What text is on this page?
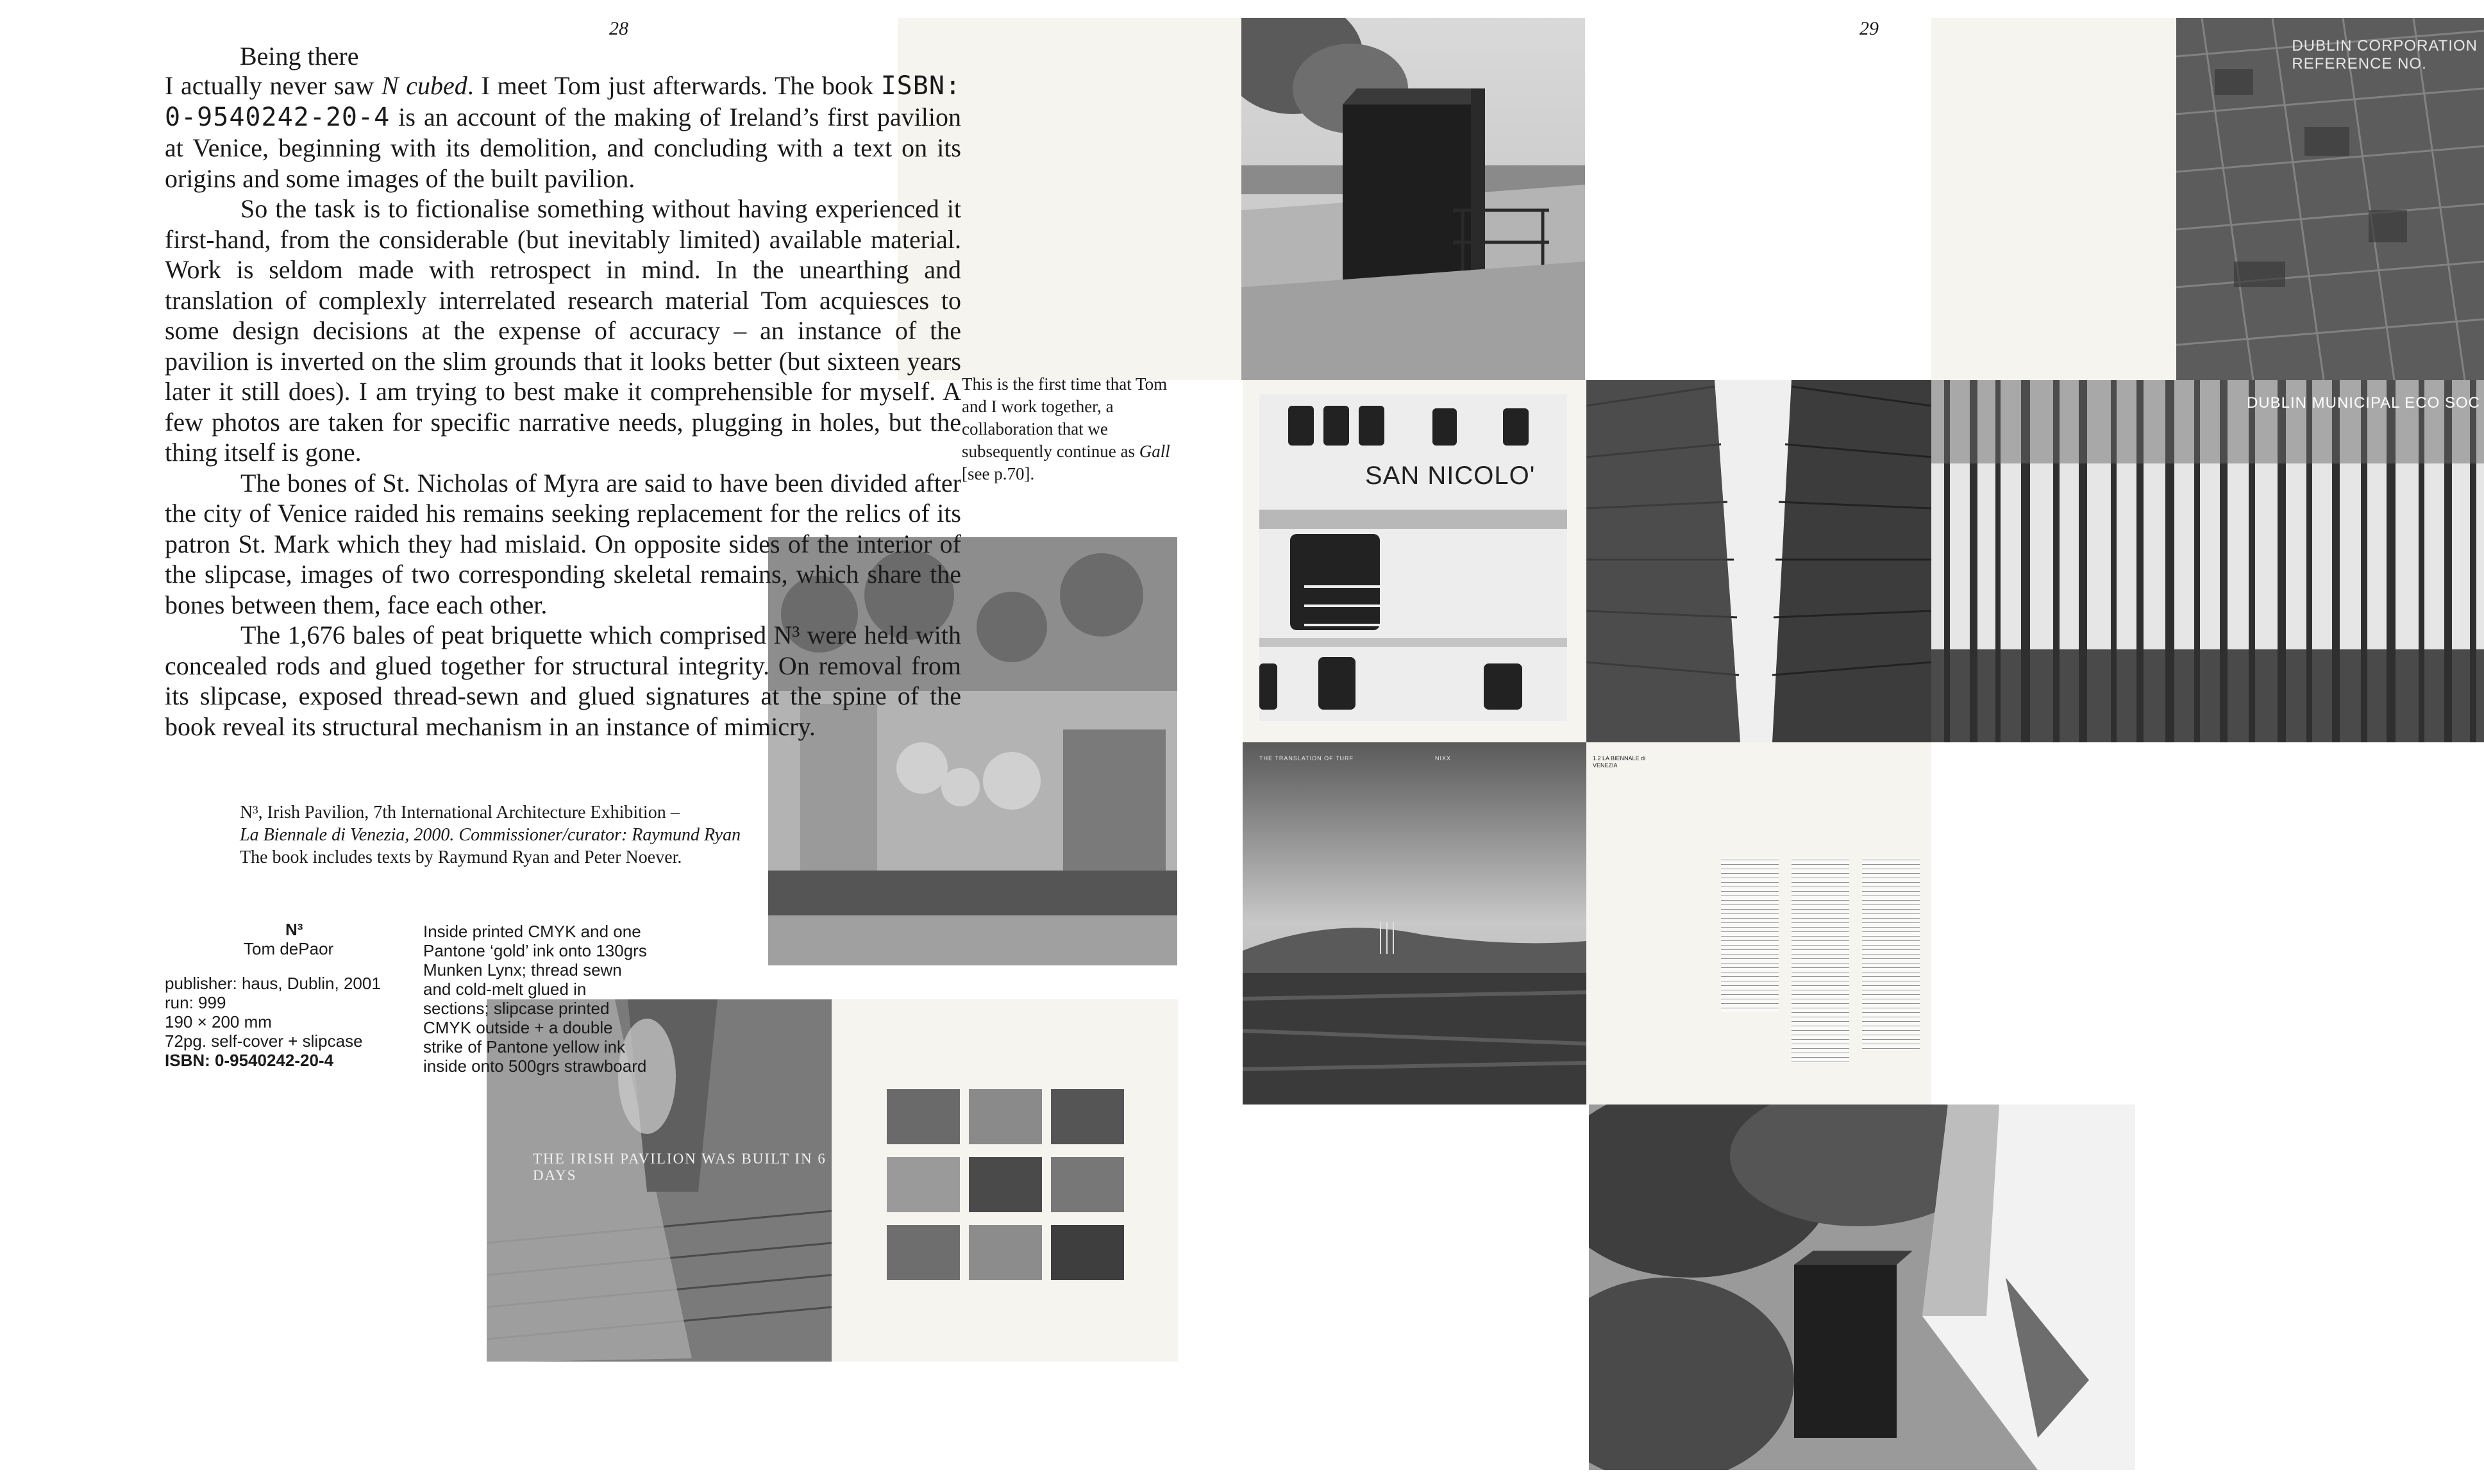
28	29
DUBLIN CORPORATION
REFERENCE NO.
SAN NICOLO'
DUBLIN MUNICIPAL ECO SOC
THE TRANSLATION OF TURF	NIXX	1.2 LA BIENNALE di VENEZIA
THE IRISH PAVILION WAS BUILT IN 6 DAYS
Being there

I actually never saw N cubed. I meet Tom just afterwards. The book ISBN: 0-9540242-20-4 is an account of the making of Ireland’s first pavilion at Venice, beginning with its demolition, and concluding with a text on its origins and some images of the built pavilion.

So the task is to fictionalise something without having experienced it first-hand, from the considerable (but inevitably limited) available material. Work is seldom made with retrospect in mind. In the unearthing and translation of complexly interrelated research material Tom acquiesces to some design decisions at the expense of accuracy – an instance of the pavilion is inverted on the slim grounds that it looks better (but sixteen years later it still does). I am trying to best make it comprehensible for myself. A few photos are taken for specific narrative needs, plugging in holes, but the thing itself is gone.

The bones of St. Nicholas of Myra are said to have been divided after the city of Venice raided his remains seeking replacement for the relics of its patron St. Mark which they had mislaid. On opposite sides of the interior of the slipcase, images of two corresponding skeletal remains, which share the bones between them, face each other.

The 1,676 bales of peat briquette which comprised N³ were held with concealed rods and glued together for structural integrity. On removal from its slipcase, exposed thread-sewn and glued signatures at the spine of the book reveal its structural mechanism in an instance of mimicry.

This is the first time that Tom and I work together, a collaboration that we subsequently continue as Gall [see p.70].
N³, Irish Pavilion, 7th International Architecture Exhibition –
La Biennale di Venezia, 2000. Commissioner/curator: Raymund Ryan
The book includes texts by Raymund Ryan and Peter Noever.
N³
Tom dePaor
publisher: haus, Dublin, 2001
run: 999
190 × 200 mm
72pg. self-cover + slipcase
ISBN: 0-9540242-20-4
Inside printed CMYK and one Pantone ‘gold’ ink onto 130grs Munken Lynx; thread sewn and cold-melt glued in sections; slipcase printed CMYK outside + a double strike of Pantone yellow ink inside onto 500grs strawboard
